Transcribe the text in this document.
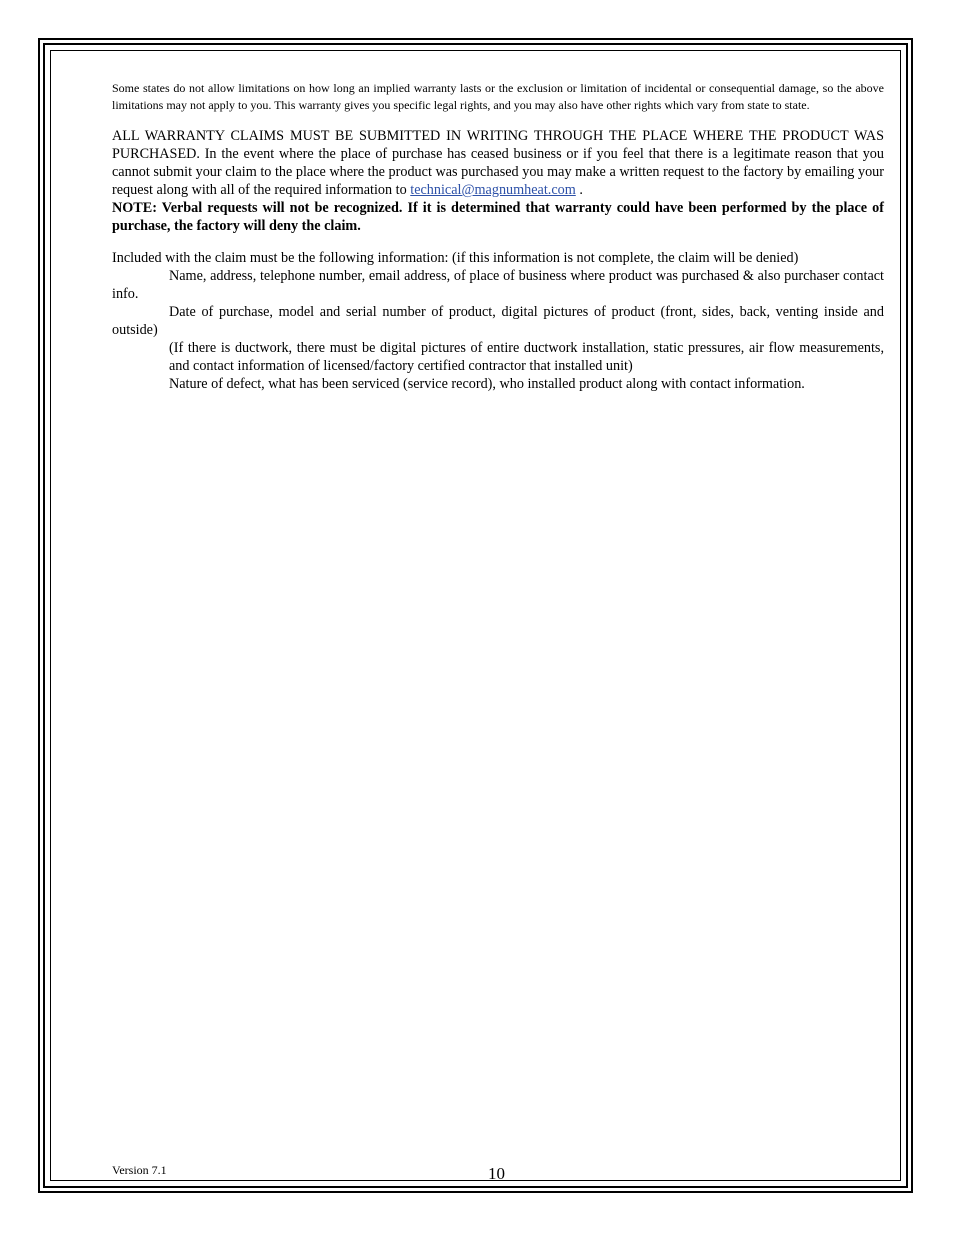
Some states do not allow limitations on how long an implied warranty lasts or the exclusion or limitation of incidental or consequential damage, so the above limitations may not apply to you. This warranty gives you specific legal rights, and you may also have other rights which vary from state to state.

ALL WARRANTY CLAIMS MUST BE SUBMITTED IN WRITING THROUGH THE PLACE WHERE THE PRODUCT WAS PURCHASED. In the event where the place of purchase has ceased business or if you feel that there is a legitimate reason that you cannot submit your claim to the place where the product was purchased you may make a written request to the factory by emailing your request along with all of the required information to technical@magnumheat.com .

NOTE: Verbal requests will not be recognized. If it is determined that warranty could have been performed by the place of purchase, the factory will deny the claim.

Included with the claim must be the following information: (if this information is not complete, the claim will be denied)

Name, address, telephone number, email address, of place of business where product was purchased & also purchaser contact info.

Date of purchase, model and serial number of product, digital pictures of product (front, sides, back, venting inside and outside)

(If there is ductwork, there must be digital pictures of entire ductwork installation, static pressures, air flow measurements, and contact information of licensed/factory certified contractor that installed unit)

Nature of defect, what has been serviced (service record), who installed product along with contact information.

Version 7.1	10
